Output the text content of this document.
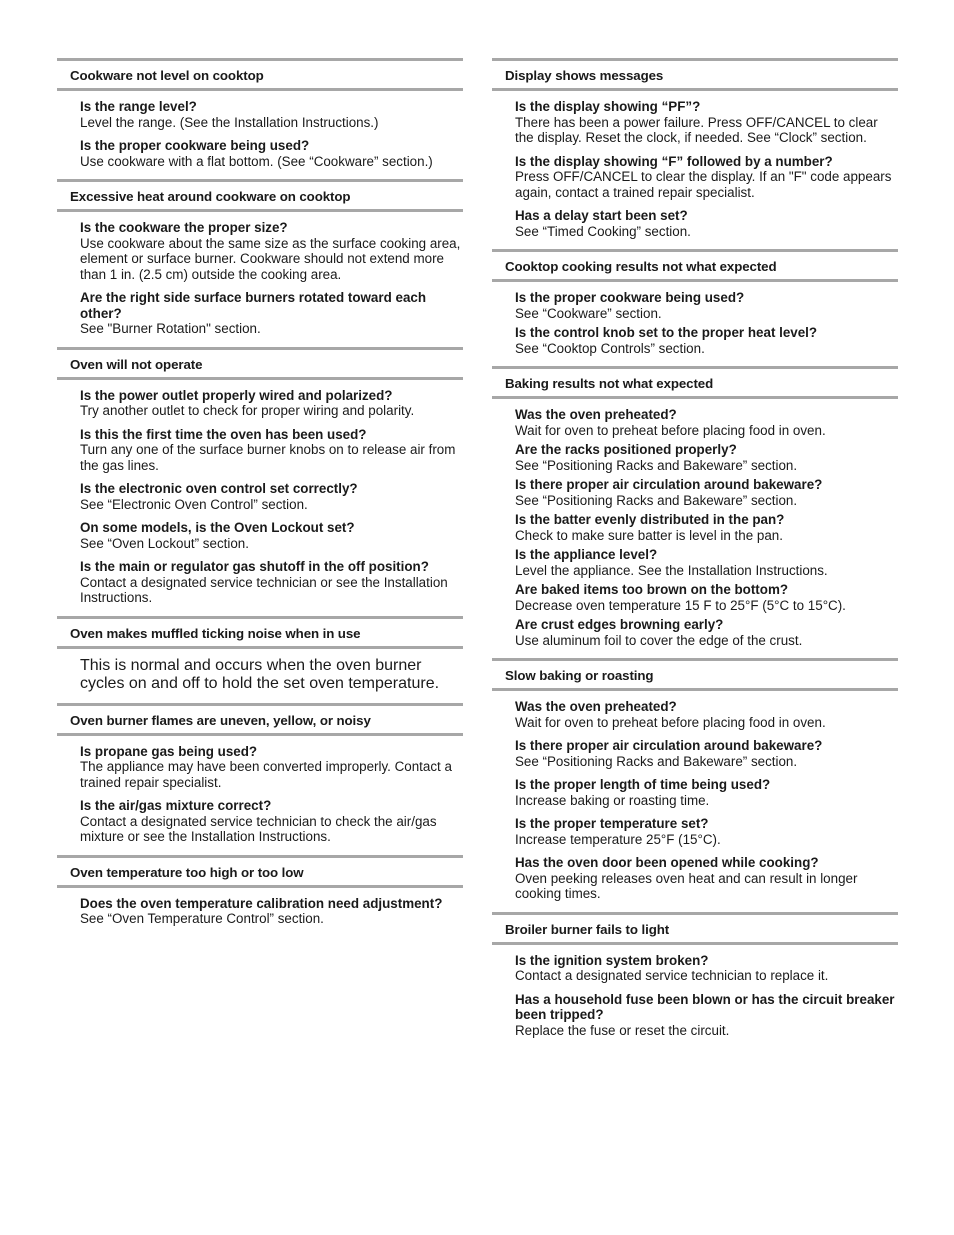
Cookware not level on cooktop
Is the range level?
Level the range. (See the Installation Instructions.)
Is the proper cookware being used?
Use cookware with a flat bottom. (See “Cookware” section.)
Excessive heat around cookware on cooktop
Is the cookware the proper size?
Use cookware about the same size as the surface cooking area, element or surface burner. Cookware should not extend more than 1 in. (2.5 cm) outside the cooking area.
Are the right side surface burners rotated toward each other?
See "Burner Rotation" section.
Oven will not operate
Is the power outlet properly wired and polarized?
Try another outlet to check for proper wiring and polarity.
Is this the first time the oven has been used?
Turn any one of the surface burner knobs on to release air from the gas lines.
Is the electronic oven control set correctly?
See “Electronic Oven Control” section.
On some models, is the Oven Lockout set?
See “Oven Lockout” section.
Is the main or regulator gas shutoff in the off position?
Contact a designated service technician or see the Installation Instructions.
Oven makes muffled ticking noise when in use
This is normal and occurs when the oven burner cycles on and off to hold the set oven temperature.
Oven burner flames are uneven, yellow, or noisy
Is propane gas being used?
The appliance may have been converted improperly. Contact a trained repair specialist.
Is the air/gas mixture correct?
Contact a designated service technician to check the air/gas mixture or see the Installation Instructions.
Oven temperature too high or too low
Does the oven temperature calibration need adjustment?
See “Oven Temperature Control” section.
Display shows messages
Is the display showing “PF”?
There has been a power failure. Press OFF/CANCEL to clear the display. Reset the clock, if needed. See “Clock” section.
Is the display showing “F” followed by a number?
Press OFF/CANCEL to clear the display. If an "F" code appears again, contact a trained repair specialist.
Has a delay start been set?
See “Timed Cooking” section.
Cooktop cooking results not what expected
Is the proper cookware being used?
See “Cookware” section.
Is the control knob set to the proper heat level?
See “Cooktop Controls” section.
Baking results not what expected
Was the oven preheated?
Wait for oven to preheat before placing food in oven.
Are the racks positioned properly?
See “Positioning Racks and Bakeware” section.
Is there proper air circulation around bakeware?
See “Positioning Racks and Bakeware” section.
Is the batter evenly distributed in the pan?
Check to make sure batter is level in the pan.
Is the appliance level?
Level the appliance. See the Installation Instructions.
Are baked items too brown on the bottom?
Decrease oven temperature 15 F to 25°F (5°C to 15°C).
Are crust edges browning early?
Use aluminum foil to cover the edge of the crust.
Slow baking or roasting
Was the oven preheated?
Wait for oven to preheat before placing food in oven.
Is there proper air circulation around bakeware?
See “Positioning Racks and Bakeware” section.
Is the proper length of time being used?
Increase baking or roasting time.
Is the proper temperature set?
Increase temperature 25°F (15°C).
Has the oven door been opened while cooking?
Oven peeking releases oven heat and can result in longer cooking times.
Broiler burner fails to light
Is the ignition system broken?
Contact a designated service technician to replace it.
Has a household fuse been blown or has the circuit breaker been tripped?
Replace the fuse or reset the circuit.
